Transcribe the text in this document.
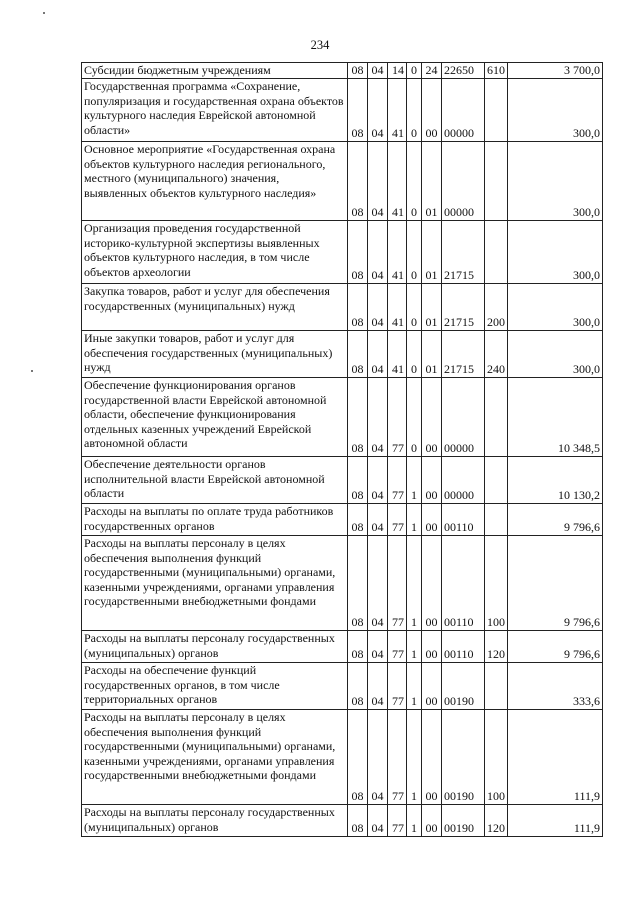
234
Субсидии бюджетным учреждениям	08	04	14	0	24	22650	610	3 700,0
Государственная программа «Сохранение, популяризация и государственная охрана объектов культурного наследия Еврейской автономной области»	08	04	41	0	00	00000		300,0
Основное мероприятие «Государственная охрана объектов культурного наследия регионального, местного (муниципального) значения, выявленных объектов культурного наследия»	08	04	41	0	01	00000		300,0
Организация проведения государственной историко-культурной экспертизы выявленных объектов культурного наследия, в том числе объектов археологии	08	04	41	0	01	21715		300,0
Закупка товаров, работ и услуг для обеспечения государственных (муниципальных) нужд	08	04	41	0	01	21715	200	300,0
Иные закупки товаров, работ и услуг для обеспечения государственных (муниципальных) нужд	08	04	41	0	01	21715	240	300,0
Обеспечение функционирования органов государственной власти Еврейской автономной области, обеспечение функционирования отдельных казенных учреждений Еврейской автономной области	08	04	77	0	00	00000		10 348,5
Обеспечение деятельности органов исполнительной власти Еврейской автономной области	08	04	77	1	00	00000		10 130,2
Расходы на выплаты по оплате труда работников государственных органов	08	04	77	1	00	00110		9 796,6
Расходы на выплаты персоналу в целях обеспечения выполнения функций государственными (муниципальными) органами, казенными учреждениями, органами управления государственными внебюджетными фондами	08	04	77	1	00	00110	100	9 796,6
Расходы на выплаты персоналу государственных (муниципальных) органов	08	04	77	1	00	00110	120	9 796,6
Расходы на обеспечение функций государственных органов, в том числе территориальных органов	08	04	77	1	00	00190		333,6
Расходы на выплаты персоналу в целях обеспечения выполнения функций государственными (муниципальными) органами, казенными учреждениями, органами управления государственными внебюджетными фондами	08	04	77	1	00	00190	100	111,9
Расходы на выплаты персоналу государственных (муниципальных) органов	08	04	77	1	00	00190	120	111,9
